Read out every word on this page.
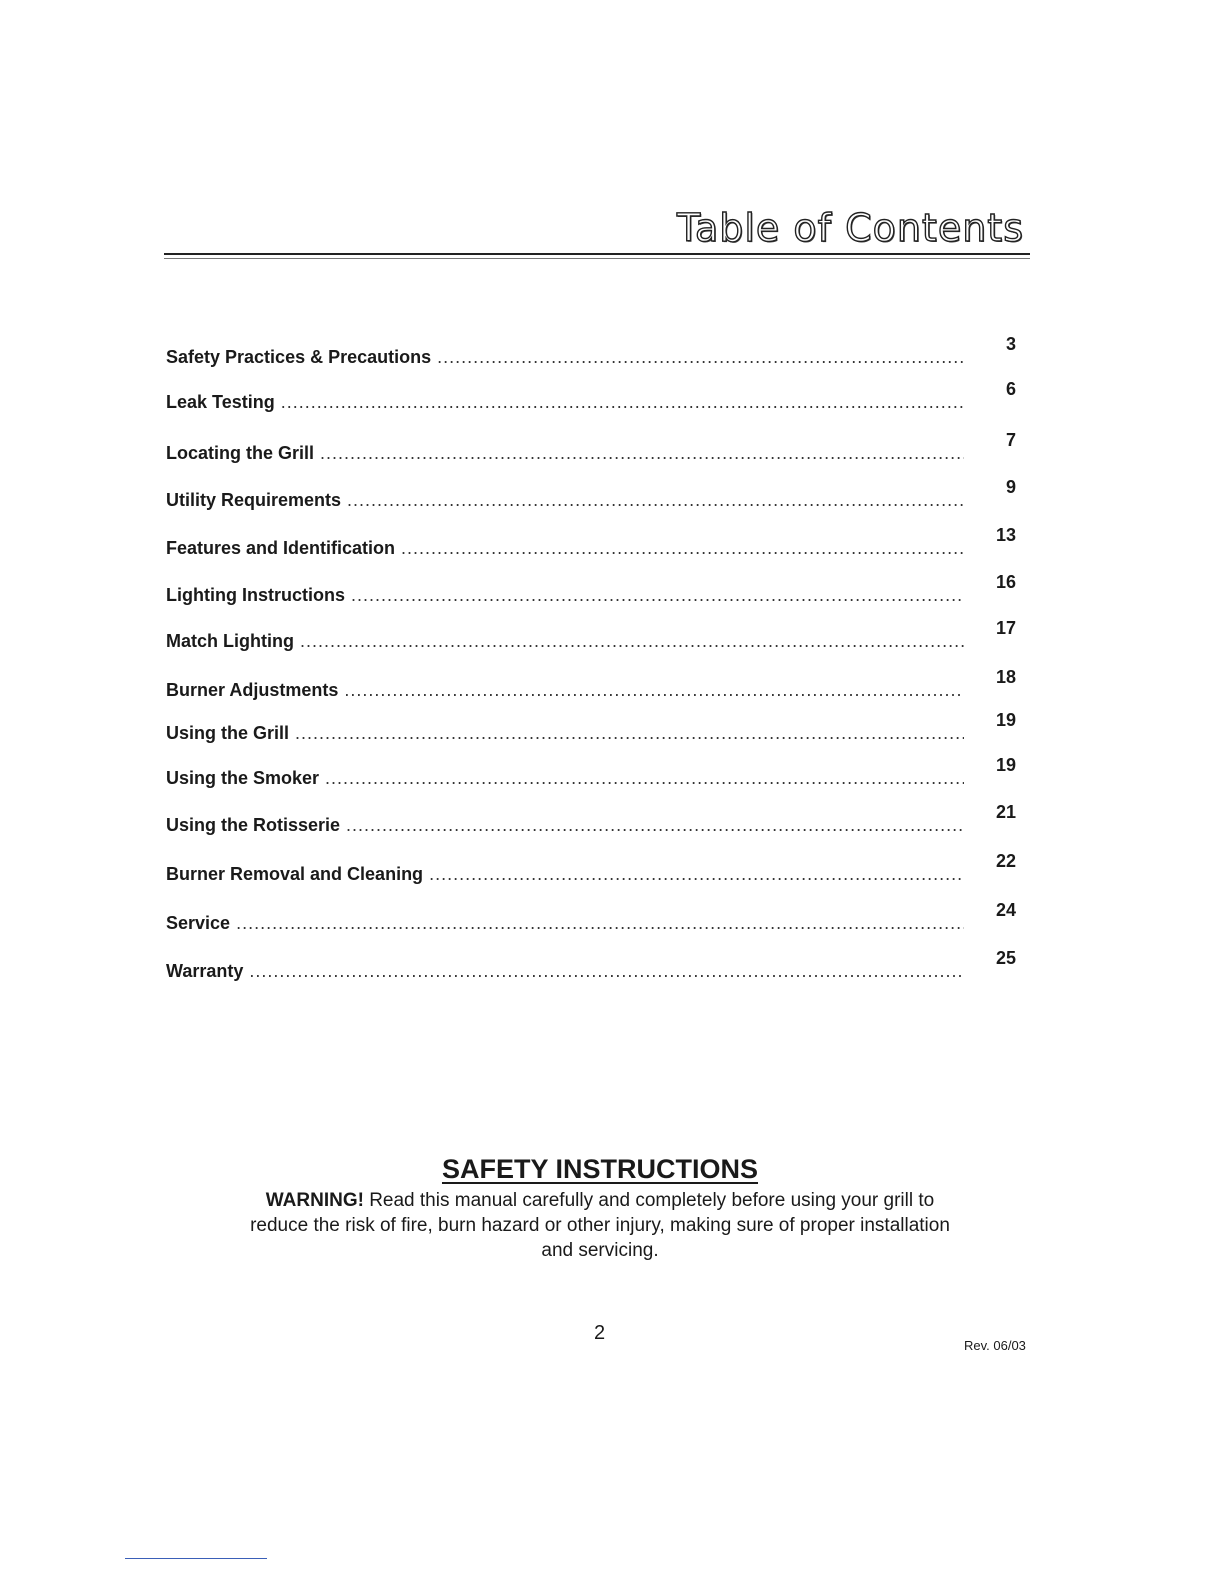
Table of Contents
Safety Practices & Precautions .....
3
Leak Testing .....
6
Locating the Grill .....
7
Utility Requirements .....
9
Features and Identification .....
13
Lighting Instructions .....
16
Match Lighting .....
17
Burner Adjustments .....
18
Using the Grill .....
19
Using the Smoker .....
19
Using the Rotisserie .....
21
Burner Removal and Cleaning .....
22
Service .....
24
Warranty .....
25
SAFETY INSTRUCTIONS

WARNING! Read this manual carefully and completely before using your grill to reduce the risk of fire, burn hazard or other injury, making sure of proper installation and servicing.

2
Rev. 06/03
